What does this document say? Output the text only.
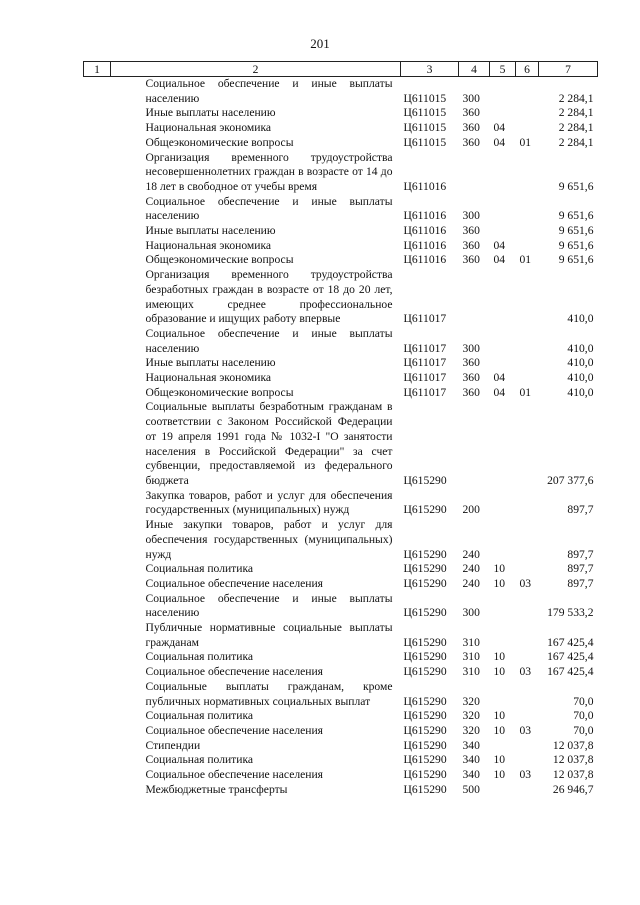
201
1	2	3	4	5	6	7
	Социальное обеспечение и иные выплаты населению	Ц611015	300			2 284,1
	Иные выплаты населению	Ц611015	360			2 284,1
	Национальная экономика	Ц611015	360	04		2 284,1
	Общеэкономические вопросы	Ц611015	360	04	01	2 284,1
	Организация временного трудоустройства несовершеннолетних граждан в возрасте от 14 до 18 лет в свободное от учебы время	Ц611016				9 651,6
	Социальное обеспечение и иные выплаты населению	Ц611016	300			9 651,6
	Иные выплаты населению	Ц611016	360			9 651,6
	Национальная экономика	Ц611016	360	04		9 651,6
	Общеэкономические вопросы	Ц611016	360	04	01	9 651,6
	Организация временного трудоустройства безработных граждан в возрасте от 18 до 20 лет, имеющих среднее профессиональное образование и ищущих работу впервые	Ц611017				410,0
	Социальное обеспечение и иные выплаты населению	Ц611017	300			410,0
	Иные выплаты населению	Ц611017	360			410,0
	Национальная экономика	Ц611017	360	04		410,0
	Общеэкономические вопросы	Ц611017	360	04	01	410,0
	Социальные выплаты безработным гражданам в соответствии с Законом Российской Федерации от 19 апреля 1991 года № 1032-I "О занятости населения в Российской Федерации" за счет субвенции, предоставляемой из федерального бюджета	Ц615290				207 377,6
	Закупка товаров, работ и услуг для обеспечения государственных (муниципальных) нужд	Ц615290	200			897,7
	Иные закупки товаров, работ и услуг для обеспечения государственных (муниципальных) нужд	Ц615290	240			897,7
	Социальная политика	Ц615290	240	10		897,7
	Социальное обеспечение населения	Ц615290	240	10	03	897,7
	Социальное обеспечение и иные выплаты населению	Ц615290	300			179 533,2
	Публичные нормативные социальные выплаты гражданам	Ц615290	310			167 425,4
	Социальная политика	Ц615290	310	10		167 425,4
	Социальное обеспечение населения	Ц615290	310	10	03	167 425,4
	Социальные выплаты гражданам, кроме публичных нормативных социальных выплат	Ц615290	320			70,0
	Социальная политика	Ц615290	320	10		70,0
	Социальное обеспечение населения	Ц615290	320	10	03	70,0
	Стипендии	Ц615290	340			12 037,8
	Социальная политика	Ц615290	340	10		12 037,8
	Социальное обеспечение населения	Ц615290	340	10	03	12 037,8
	Межбюджетные трансферты	Ц615290	500			26 946,7
